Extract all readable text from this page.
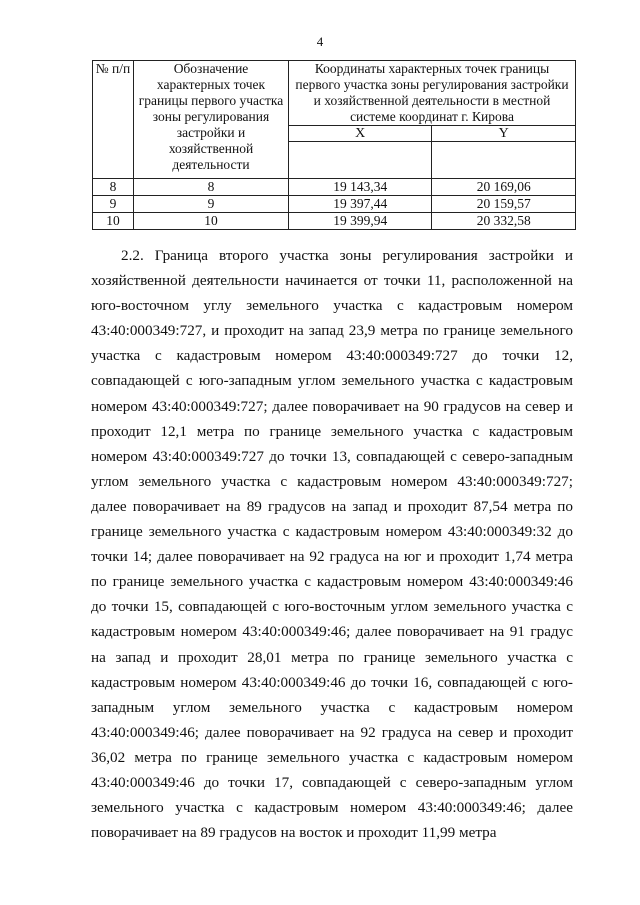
4
№ п/п	Обозначение характерных точек границы первого участка зоны регулирования застройки и хозяйственной деятельности	Координаты характерных точек границы первого участка зоны регулирования застройки и хозяйственной деятельности в местной системе координат г. Кирова	
		X	Y

8	8	19 143,34	20 169,06
9	9	19 397,44	20 159,57
10	10	19 399,94	20 332,58

2.2. Граница второго участка зоны регулирования застройки и хозяйственной деятельности начинается от точки 11, расположенной на юго-восточном углу земельного участка с кадастровым номером 43:40:000349:727, и проходит на запад 23,9 метра по границе земельного участка с кадастровым номером 43:40:000349:727 до точки 12, совпадающей с юго-западным углом земельного участка с кадастровым номером 43:40:000349:727; далее поворачивает на 90 градусов на север и проходит 12,1 метра по границе земельного участка с кадастровым номером 43:40:000349:727 до точки 13, совпадающей с северо-западным углом земельного участка с кадастровым номером 43:40:000349:727; далее поворачивает на 89 градусов на запад и проходит 87,54 метра по границе земельного участка с кадастровым номером 43:40:000349:32 до точки 14; далее поворачивает на 92 градуса на юг и проходит 1,74 метра по границе земельного участка с кадастровым номером 43:40:000349:46 до точки 15, совпадающей с юго-восточным углом земельного участка с кадастровым номером 43:40:000349:46; далее поворачивает на 91 градус на запад и проходит 28,01 метра по границе земельного участка с кадастровым номером 43:40:000349:46 до точки 16, совпадающей с юго-западным углом земельного участка с кадастровым номером 43:40:000349:46; далее поворачивает на 92 градуса на север и проходит 36,02 метра по границе земельного участка с кадастровым номером 43:40:000349:46 до точки 17, совпадающей с северо-западным углом земельного участка с кадастровым номером 43:40:000349:46; далее поворачивает на 89 градусов на восток и проходит 11,99 метра
